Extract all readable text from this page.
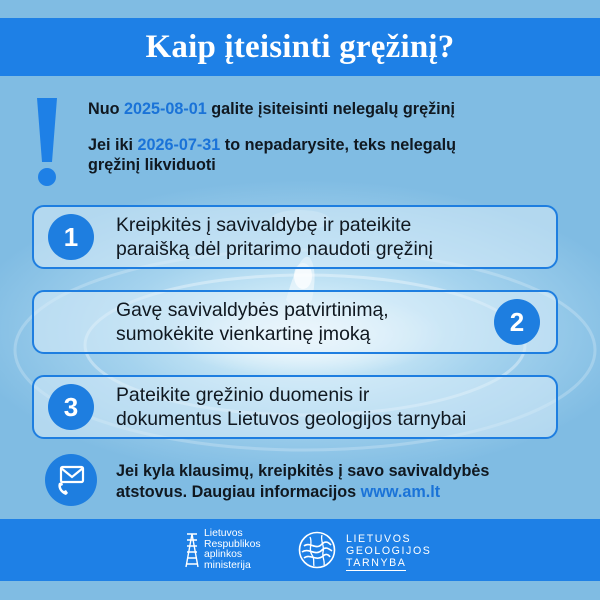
Kaip įteisinti gręžinį?

Nuo 2025-08-01 galite įsiteisinti nelegalų gręžinį

Jei iki 2026-07-31 to nepadarysite, teks nelegalų
gręžinį likviduoti

1	Kreipkitės į savivaldybę ir pateikite
paraišką dėl pritarimo naudoti gręžinį
Gavę savivaldybės patvirtinimą,
sumokėkite vienkartinę įmoką	2
3	Pateikite gręžinio duomenis ir
dokumentus Lietuvos geologijos tarnybai
Jei kyla klausimų, kreipkitės į savo savivaldybės
atstovus. Daugiau informacijos www.am.lt
Lietuvos
Respublikos
aplinkos
ministerija
LIETUVOS
GEOLOGIJOS
TARNYBA
